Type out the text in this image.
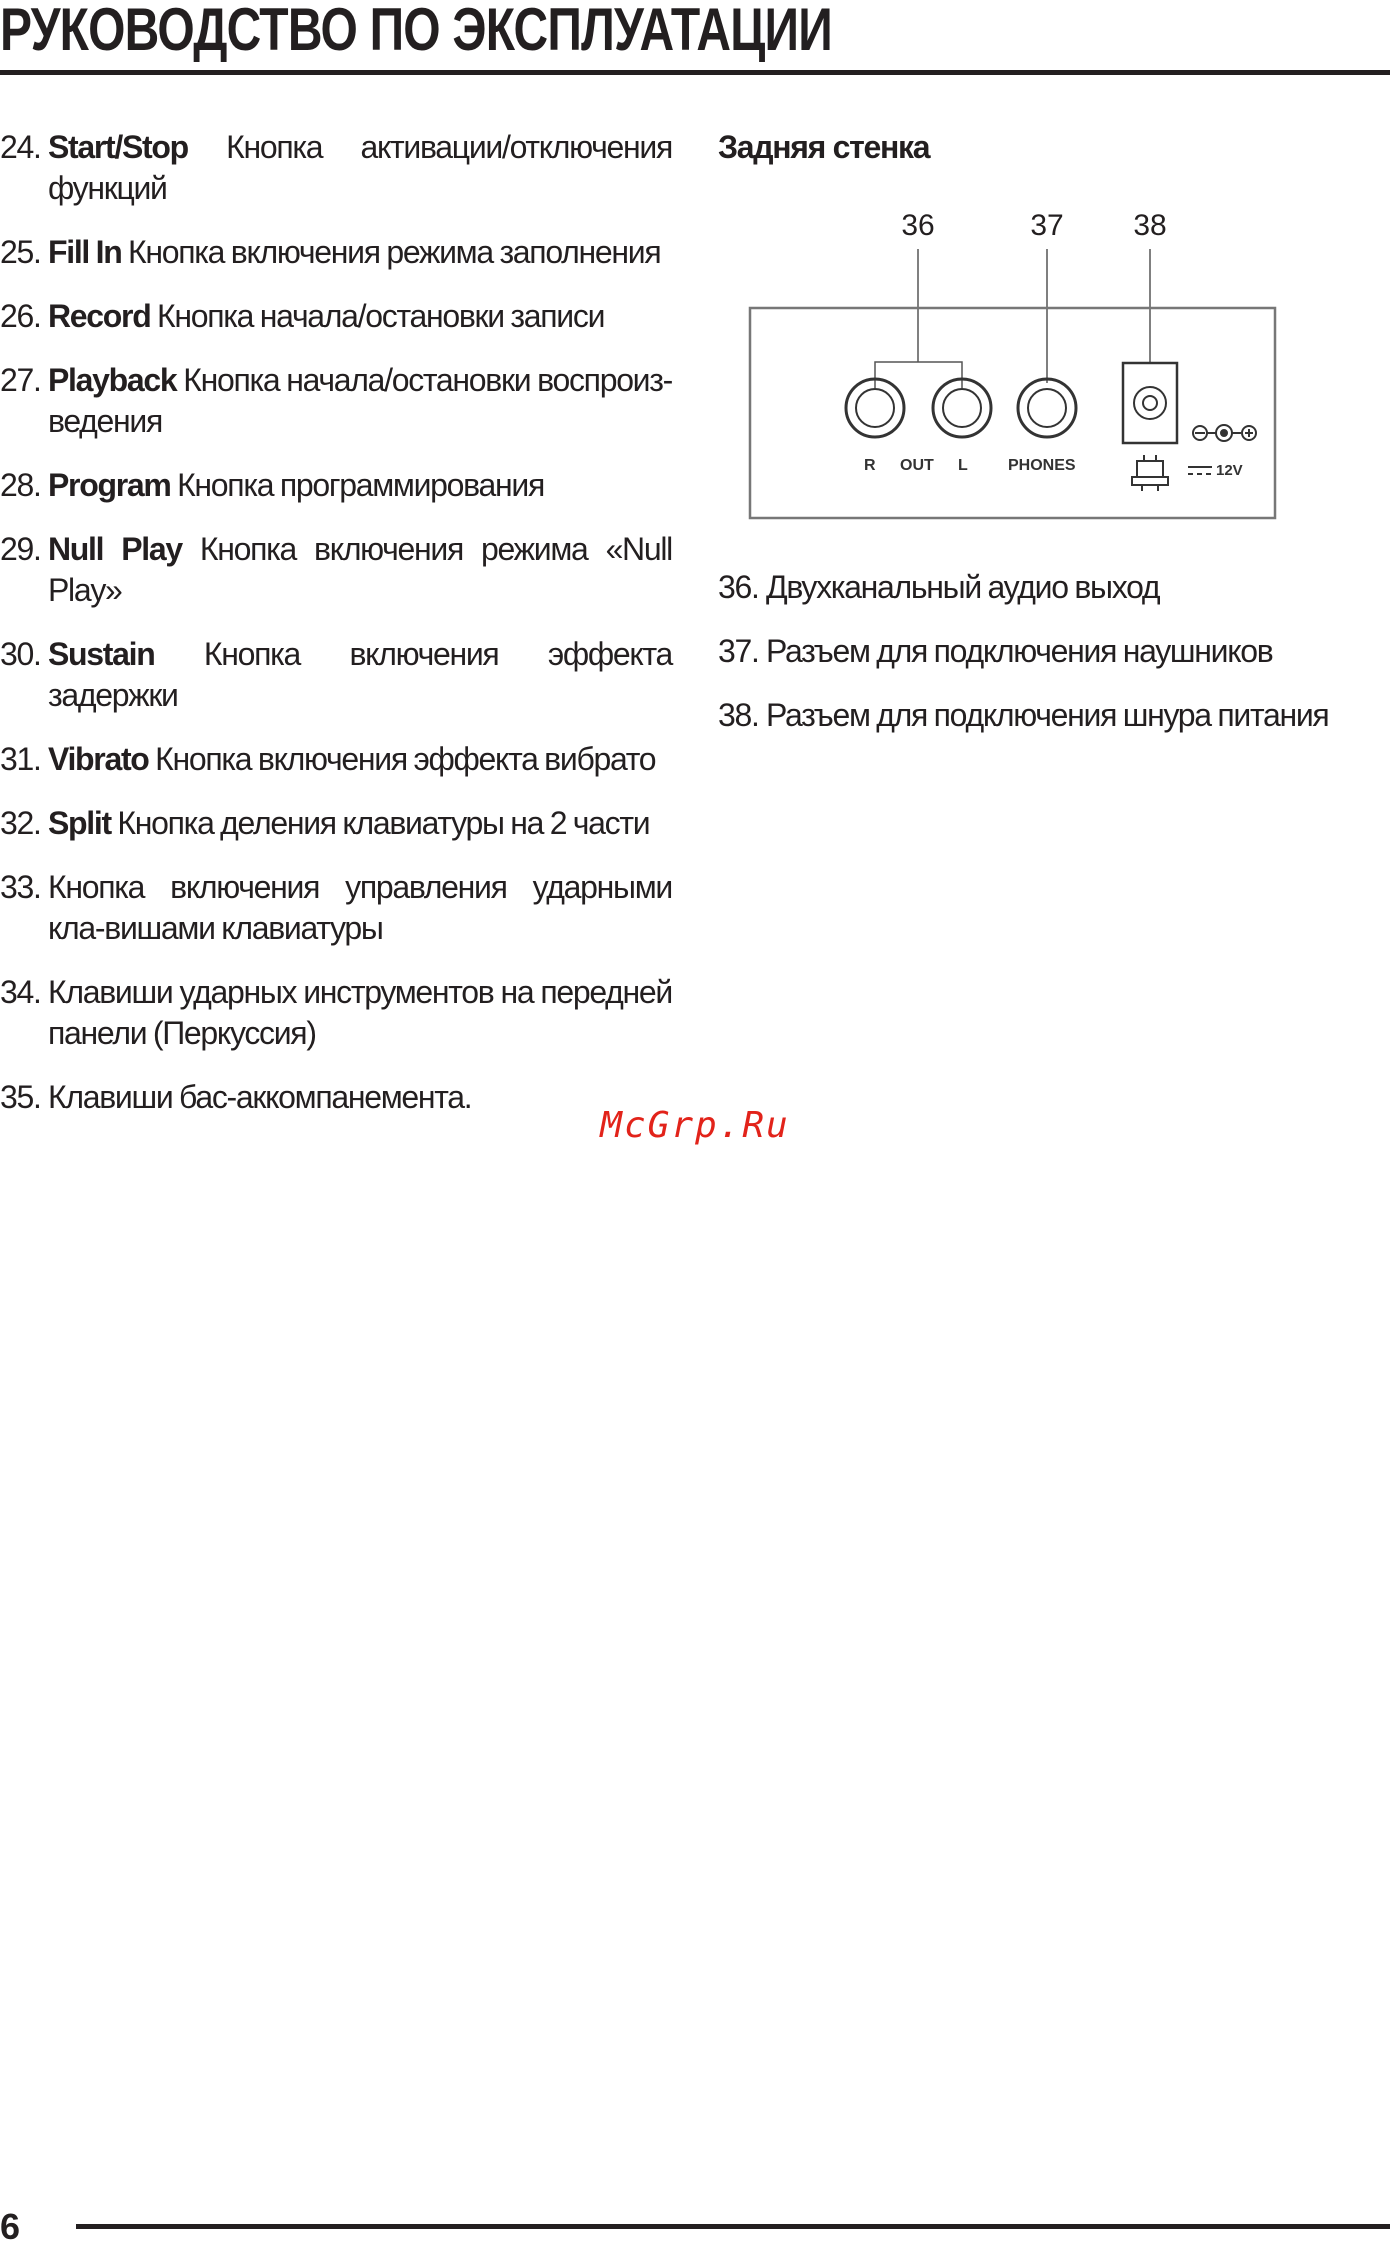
РУКОВОДСТВО ПО ЭКСПЛУАТАЦИИ
24. Start/Stop Кнопка активации/отключения функций
25. Fill In Кнопка включения режима заполнения
26. Record Кнопка начала/остановки записи
27. Playback Кнопка начала/остановки воспроиз-ведения
28. Program Кнопка программирования
29. Null Play Кнопка включения режима «Null Play»
30. Sustain Кнопка включения эффекта задержки
31. Vibrato Кнопка включения эффекта вибрато
32. Split Кнопка деления клавиатуры на 2 части
33. Кнопка включения управления ударными кла-вишами клавиатуры
34. Клавиши ударных инструментов на передней панели (Перкуссия)
35. Клавиши бас-аккомпанемента.
Задняя стенка
36	37 38
R OUT L	PHONES	12V
36. Двухканальный аудио выход
37. Разъем для подключения наушников
38. Разъем для подключения шнура питания
McGrp.Ru
6
